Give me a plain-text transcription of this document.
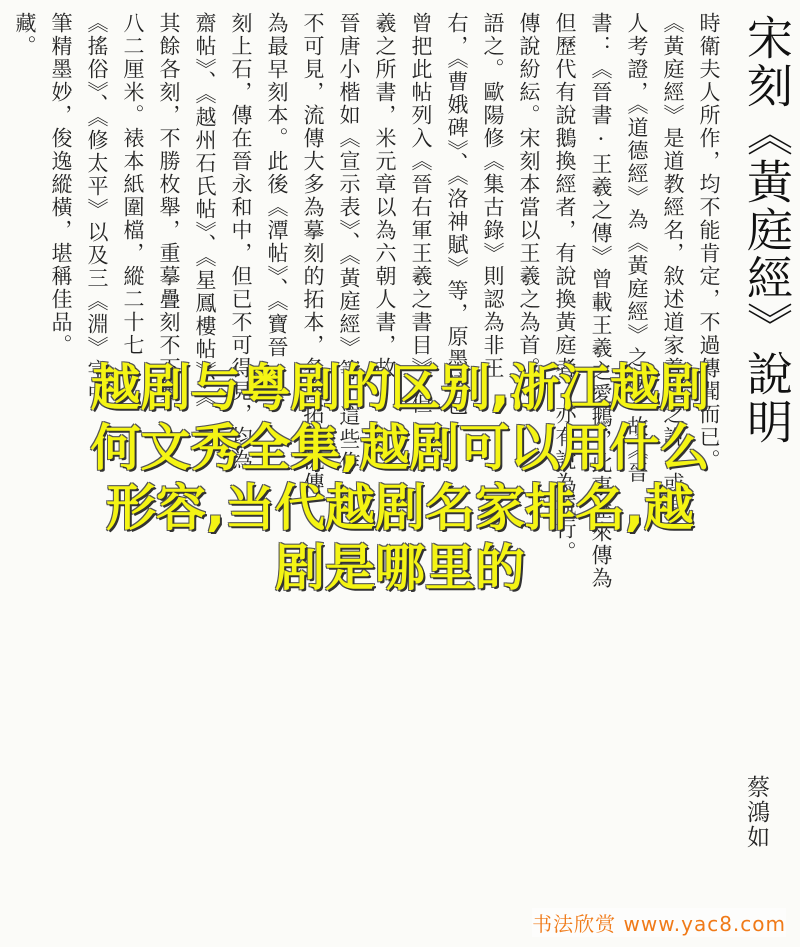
宋刻《黃庭經》說明
時衛夫人所作，均不能肯定，不過傳聞而已。
《黃庭經》是道教經名，敘述道家養生之說，或為
人考證，《道德經》為《黃庭經》之誤，故《晉
書：《晉書·王羲之傳》曾載王羲之愛鵝，此事歷來傳為
但歷代有說鵝換經者，有說換黃庭者，亦有說為流行。
傳說紛紜。宋刻本當以王羲之為首。
語之。歐陽修《集古錄》則認為非王
右，《曹娥碑》、《洛神賦》等，原墨迹已
曾把此帖列入《晉右軍王羲之書目》，但
羲之所書，米元章以為六朝人書，故
晉唐小楷如《宣示表》、《黃庭經》等，這些作
不可見，流傳大多為摹刻的拓本，各種拓本流傳
為最早刻本。此後《潭帖》、《寶晉
刻上石，傳在晉永和中，但已不可得見，均為
齋帖》、《越州石氏帖》、《星鳳樓帖》、《
其餘各刻，不勝枚舉，重摹疊刻不下數
八二厘米。裱本紙圍檔，縱二十七
《搖俗》、《修太平》以及三《淵》字中
筆精墨妙，俊逸縱橫，堪稱佳品。
藏。
蔡鴻如
越剧与粤剧的区别,浙江越剧
何文秀全集,越剧可以用什么
形容,当代越剧名家排名,越
剧是哪里的
书法欣赏 www.yac8.com
